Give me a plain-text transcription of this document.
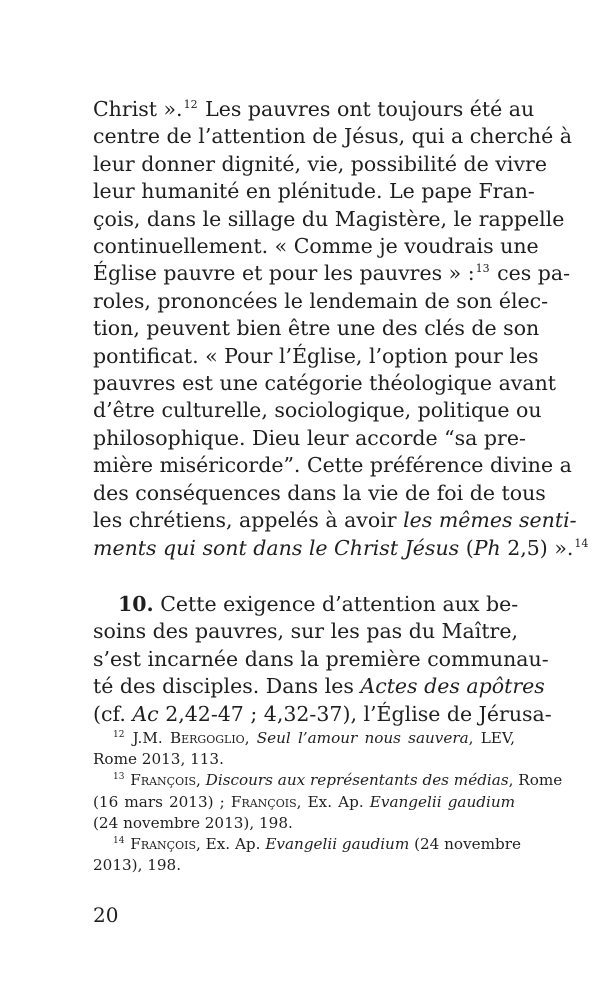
Christ ».$^{12}$ Les pauvres ont toujours été au
centre de l’attention de Jésus, qui a cherché à
leur donner dignité, vie, possibilité de vivre
leur humanité en plénitude. Le pape Fran-
çois, dans le sillage du Magistère, le rappelle
continuellement. « Comme je voudrais une
Église pauvre et pour les pauvres » :$^{13}$ ces pa-
roles, prononcées le lendemain de son élec-
tion, peuvent bien être une des clés de son
pontificat. « Pour l’Église, l’option pour les
pauvres est une catégorie théologique avant
d’être culturelle, sociologique, politique ou
philosophique. Dieu leur accorde “sa pre-
mière miséricorde”. Cette préférence divine a
des conséquences dans la vie de foi de tous
les chrétiens, appelés à avoir les mêmes senti-
ments qui sont dans le Christ Jésus (Ph 2,5) ».$^{14}$
10. Cette exigence d’attention aux be-
soins des pauvres, sur les pas du Maître,
s’est incarnée dans la première communau-
té des disciples. Dans les Actes des apôtres
(cf. Ac 2,42-47 ; 4,32-37), l’Église de Jérusa-
$^{12}$ J.M. Bergoglio, Seul l’amour nous sauvera, LEV,
Rome 2013, 113.
$^{13}$ François, Discours aux représentants des médias, Rome
(16 mars 2013) ; François, Ex. Ap. Evangelii gaudium
(24 novembre 2013), 198.
$^{14}$ François, Ex. Ap. Evangelii gaudium (24 novembre
2013), 198.
20
